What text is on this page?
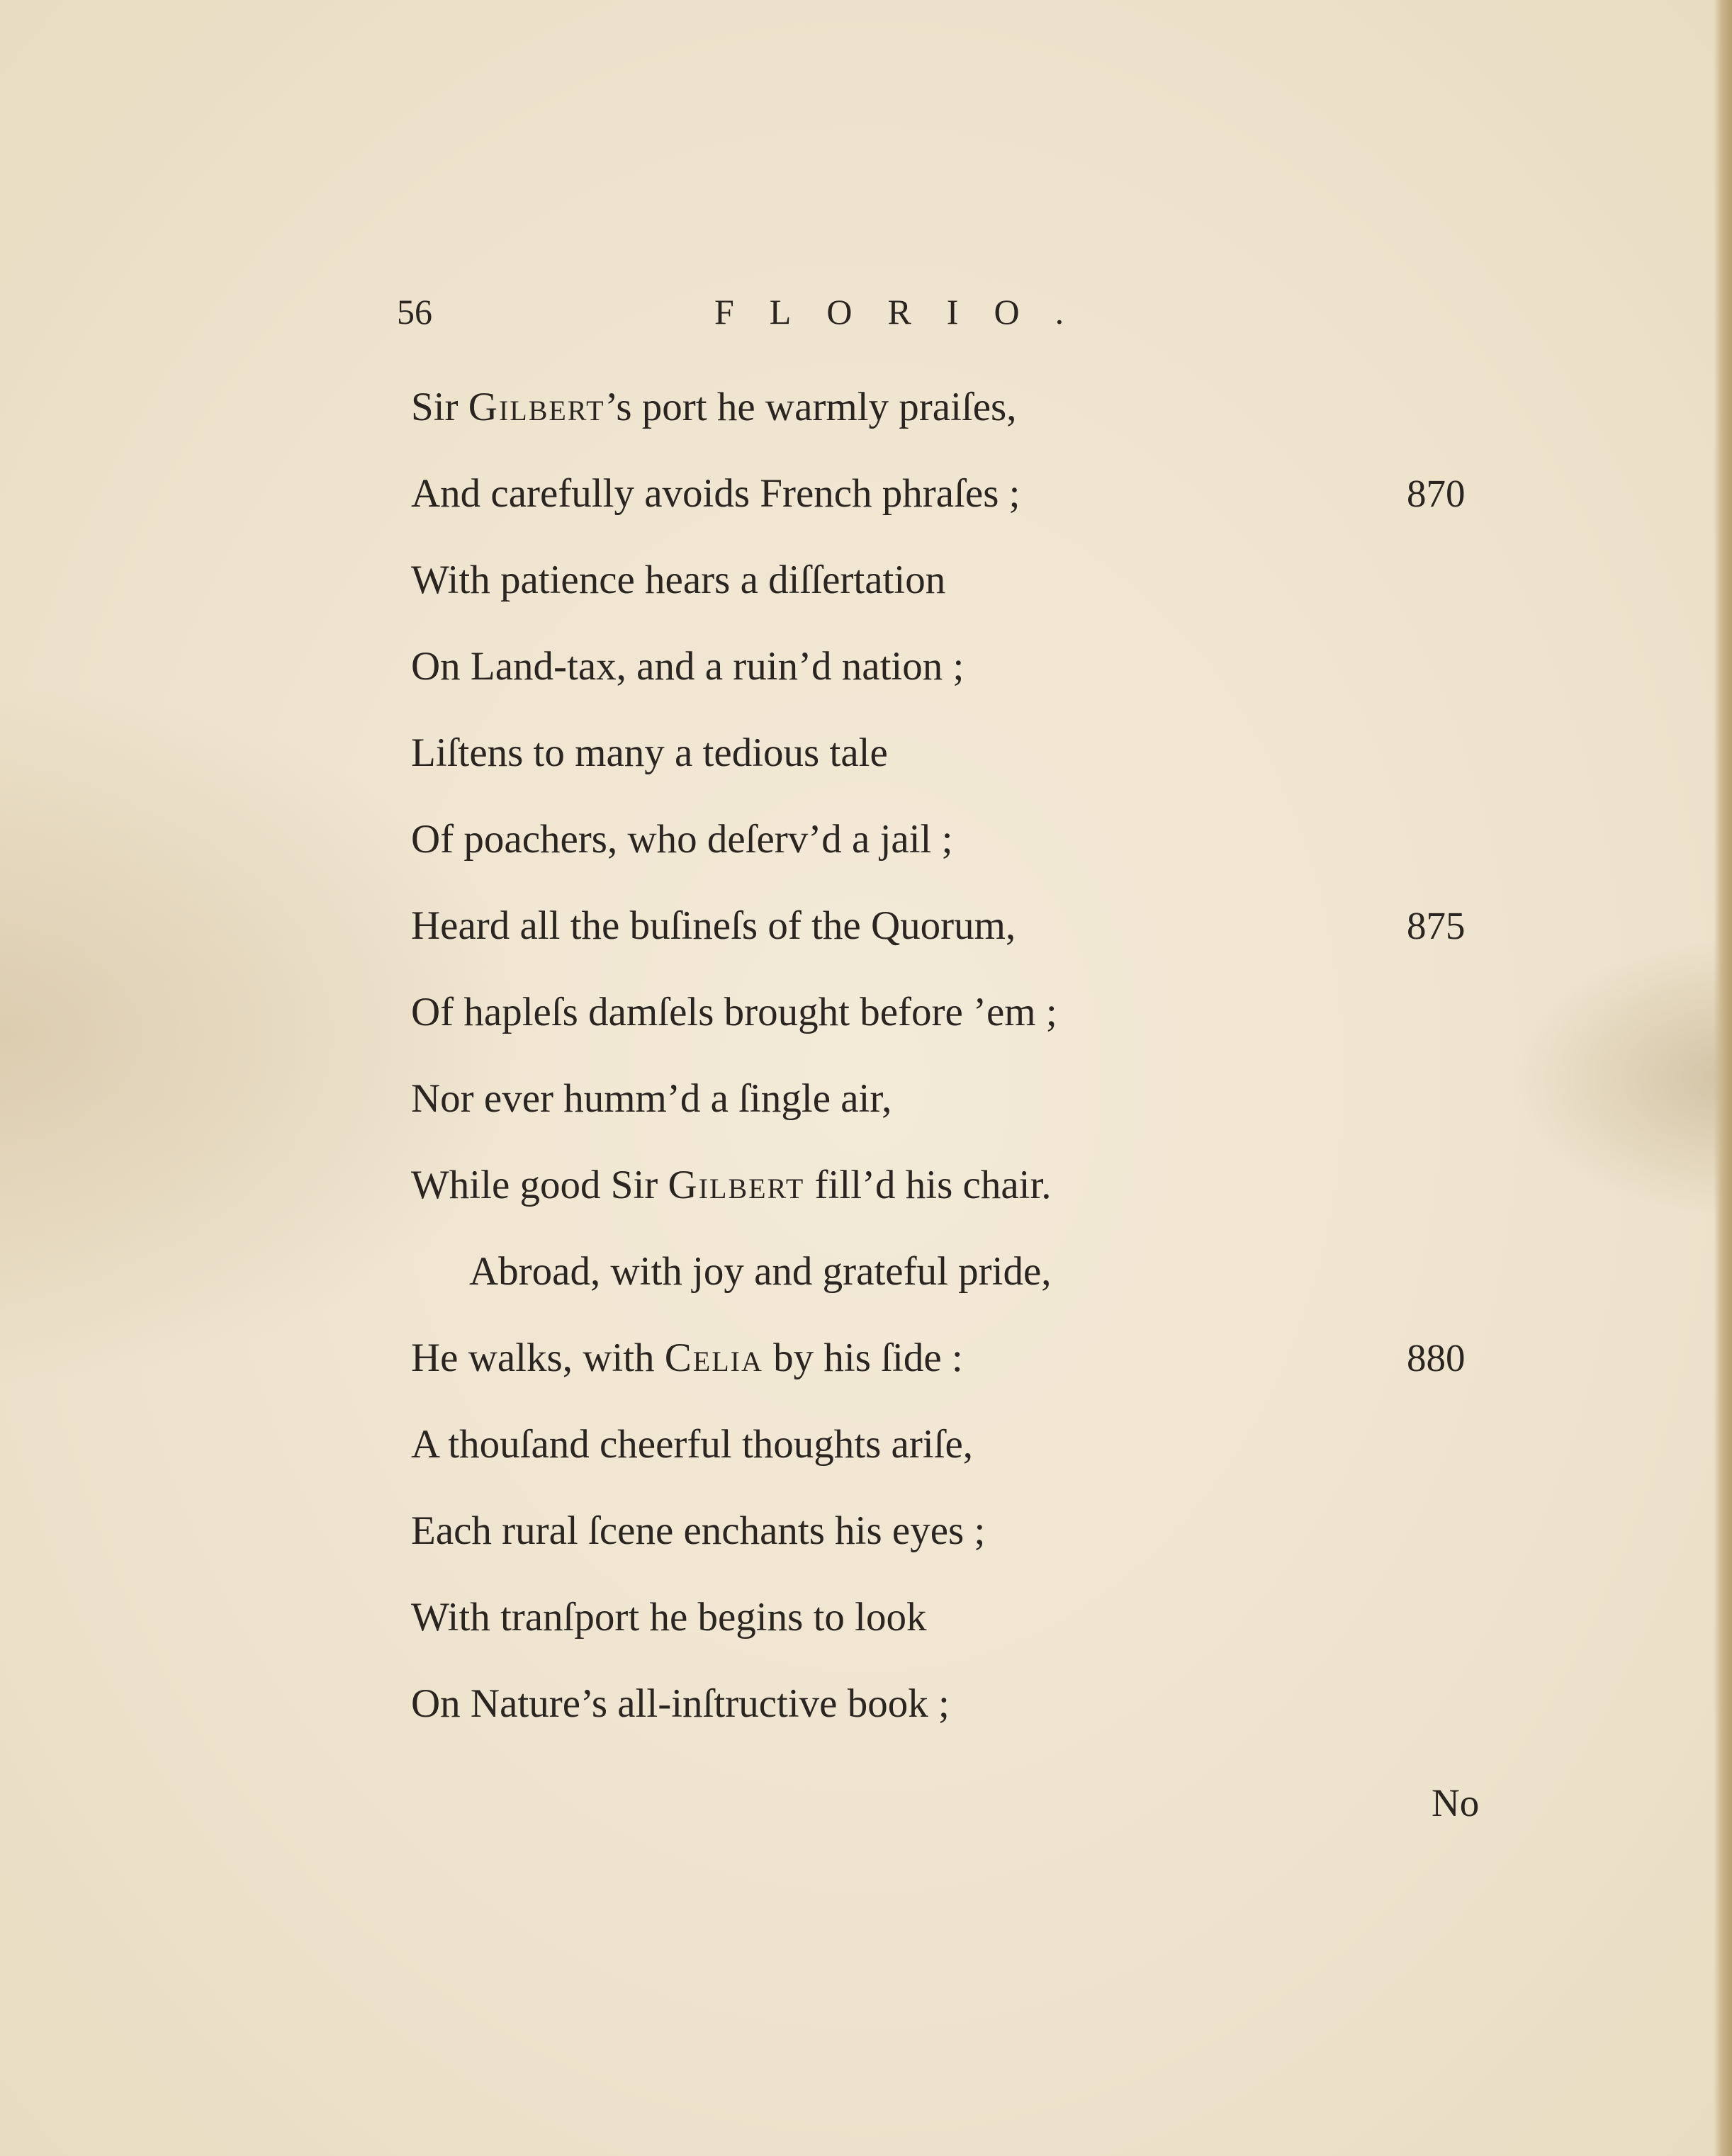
56	FLORIO.
Sir Gilbert’s port he warmly praiſes,
And carefully avoids French phraſes ;	870
With patience hears a diſſertation
On Land-tax, and a ruin’d nation ;
Liſtens to many a tedious tale
Of poachers, who deſerv’d a jail ;
Heard all the buſineſs of the Quorum,	875
Of hapleſs damſels brought before ’em ;
Nor ever humm’d a ſingle air,
While good Sir Gilbert fill’d his chair.
Abroad, with joy and grateful pride,
He walks, with Celia by his ſide :	880
A thouſand cheerful thoughts ariſe,
Each rural ſcene enchants his eyes ;
With tranſport he begins to look
On Nature’s all-inſtructive book ;
No
